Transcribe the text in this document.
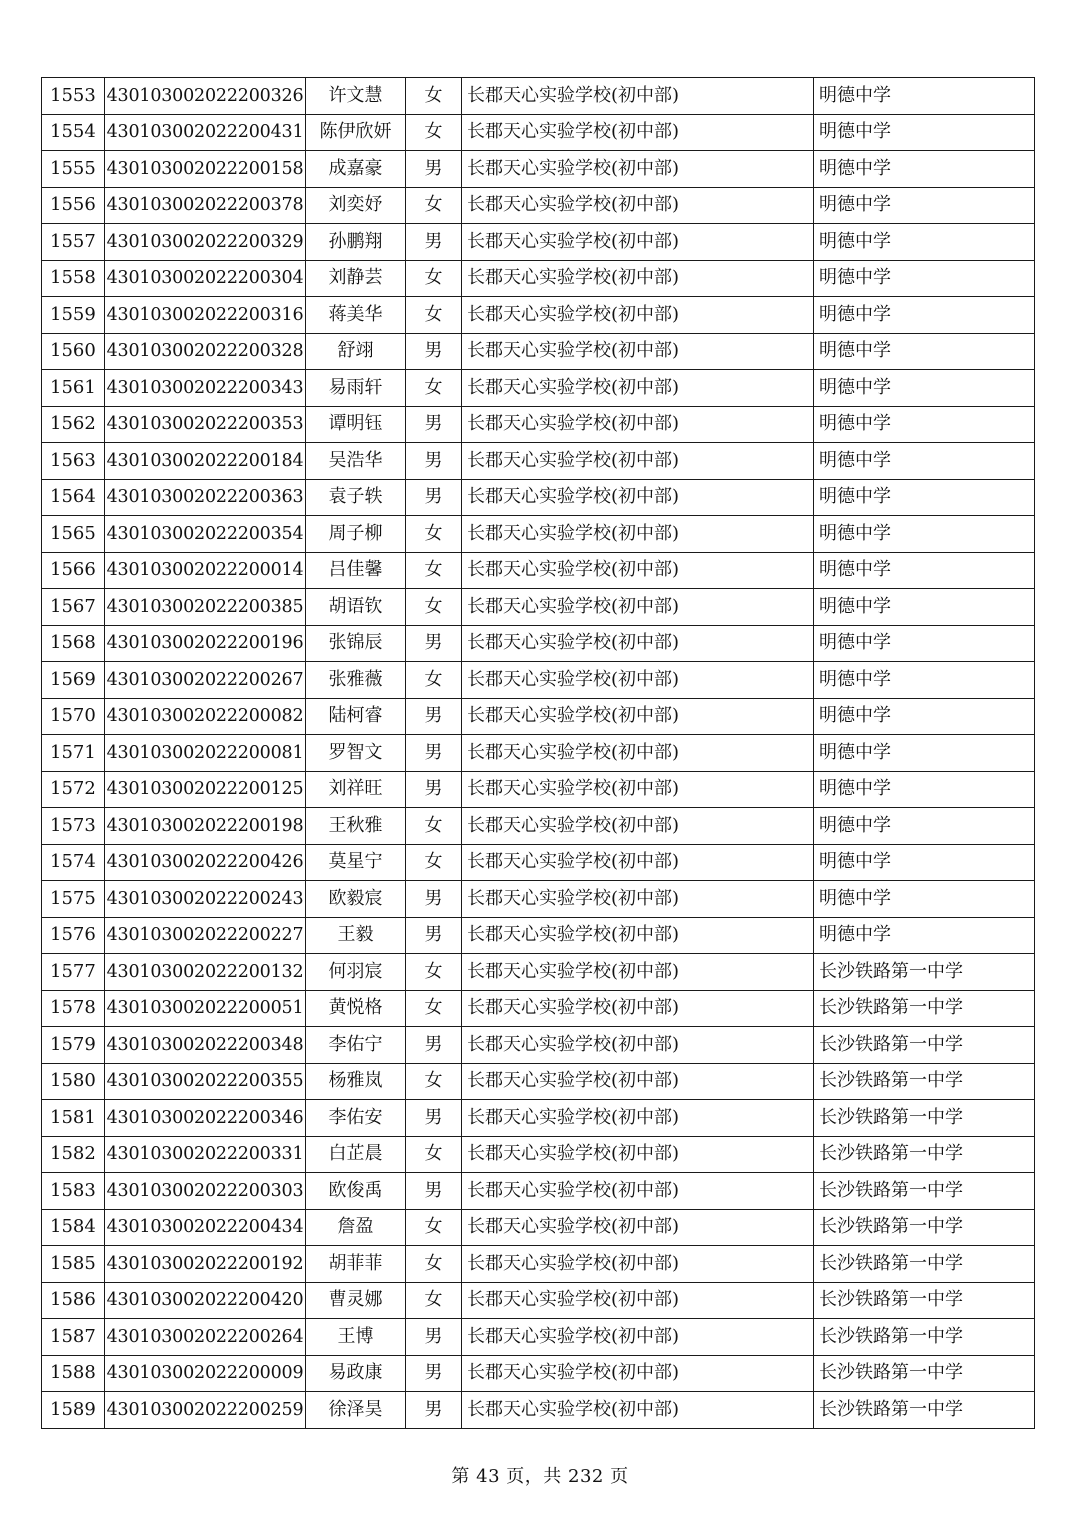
1553	430103002022200326	许文慧	女	长郡天心实验学校(初中部)	明德中学
1554	430103002022200431	陈伊欣妍	女	长郡天心实验学校(初中部)	明德中学
1555	430103002022200158	成嘉豪	男	长郡天心实验学校(初中部)	明德中学
1556	430103002022200378	刘奕妤	女	长郡天心实验学校(初中部)	明德中学
1557	430103002022200329	孙鹏翔	男	长郡天心实验学校(初中部)	明德中学
1558	430103002022200304	刘静芸	女	长郡天心实验学校(初中部)	明德中学
1559	430103002022200316	蒋美华	女	长郡天心实验学校(初中部)	明德中学
1560	430103002022200328	舒翊	男	长郡天心实验学校(初中部)	明德中学
1561	430103002022200343	易雨轩	女	长郡天心实验学校(初中部)	明德中学
1562	430103002022200353	谭明钰	男	长郡天心实验学校(初中部)	明德中学
1563	430103002022200184	吴浩华	男	长郡天心实验学校(初中部)	明德中学
1564	430103002022200363	袁子轶	男	长郡天心实验学校(初中部)	明德中学
1565	430103002022200354	周子柳	女	长郡天心实验学校(初中部)	明德中学
1566	430103002022200014	吕佳馨	女	长郡天心实验学校(初中部)	明德中学
1567	430103002022200385	胡语钦	女	长郡天心实验学校(初中部)	明德中学
1568	430103002022200196	张锦辰	男	长郡天心实验学校(初中部)	明德中学
1569	430103002022200267	张雅薇	女	长郡天心实验学校(初中部)	明德中学
1570	430103002022200082	陆柯睿	男	长郡天心实验学校(初中部)	明德中学
1571	430103002022200081	罗智文	男	长郡天心实验学校(初中部)	明德中学
1572	430103002022200125	刘祥旺	男	长郡天心实验学校(初中部)	明德中学
1573	430103002022200198	王秋雅	女	长郡天心实验学校(初中部)	明德中学
1574	430103002022200426	莫星宁	女	长郡天心实验学校(初中部)	明德中学
1575	430103002022200243	欧毅宸	男	长郡天心实验学校(初中部)	明德中学
1576	430103002022200227	王毅	男	长郡天心实验学校(初中部)	明德中学
1577	430103002022200132	何羽宸	女	长郡天心实验学校(初中部)	长沙铁路第一中学
1578	430103002022200051	黄悦格	女	长郡天心实验学校(初中部)	长沙铁路第一中学
1579	430103002022200348	李佑宁	男	长郡天心实验学校(初中部)	长沙铁路第一中学
1580	430103002022200355	杨雅岚	女	长郡天心实验学校(初中部)	长沙铁路第一中学
1581	430103002022200346	李佑安	男	长郡天心实验学校(初中部)	长沙铁路第一中学
1582	430103002022200331	白芷晨	女	长郡天心实验学校(初中部)	长沙铁路第一中学
1583	430103002022200303	欧俊禹	男	长郡天心实验学校(初中部)	长沙铁路第一中学
1584	430103002022200434	詹盈	女	长郡天心实验学校(初中部)	长沙铁路第一中学
1585	430103002022200192	胡菲菲	女	长郡天心实验学校(初中部)	长沙铁路第一中学
1586	430103002022200420	曹灵娜	女	长郡天心实验学校(初中部)	长沙铁路第一中学
1587	430103002022200264	王博	男	长郡天心实验学校(初中部)	长沙铁路第一中学
1588	430103002022200009	易政康	男	长郡天心实验学校(初中部)	长沙铁路第一中学
1589	430103002022200259	徐泽昊	男	长郡天心实验学校(初中部)	长沙铁路第一中学
第 43 页，共 232 页
